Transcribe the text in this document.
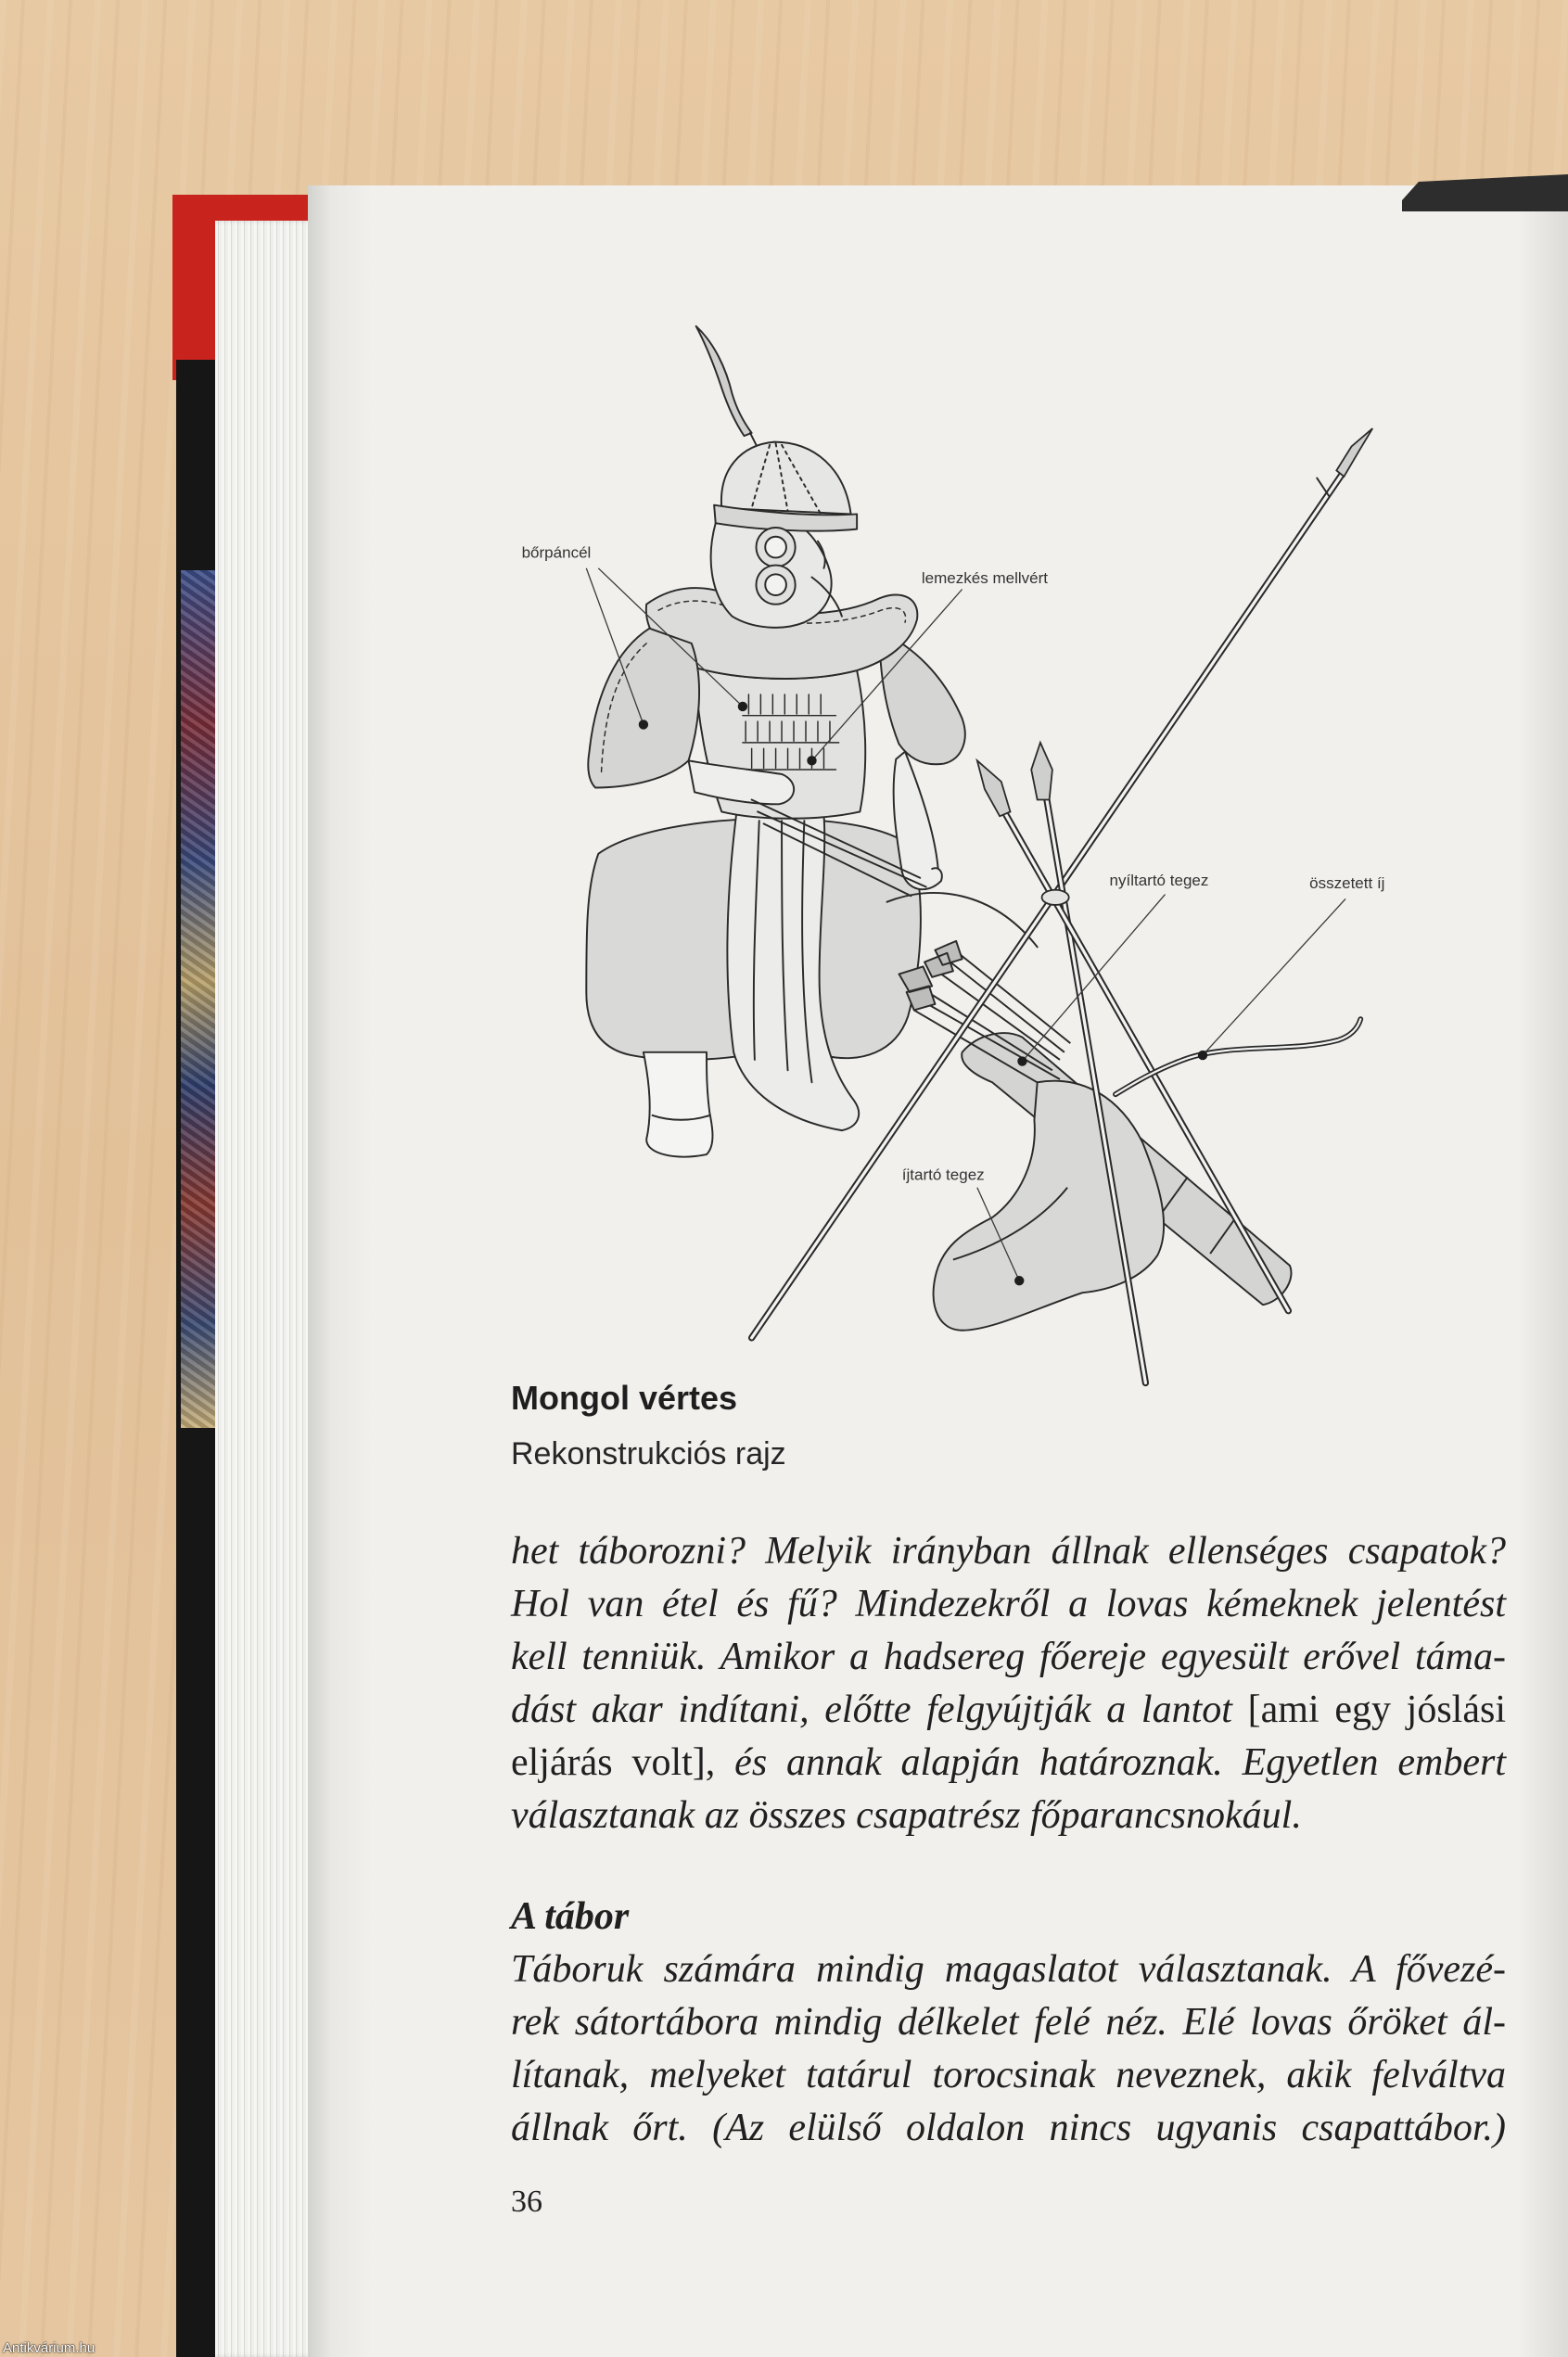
bőrpáncél
lemezkés mellvért
nyíltartó tegez	összetett íj
íjtartó tegez
Mongol vértes
Rekonstrukciós rajz
het táborozni? Melyik irányban állnak ellenséges csapatok?
Hol van étel és fű? Mindezekről a lovas kémeknek jelentést
kell tenniük. Amikor a hadsereg főereje egyesült erővel táma-
dást akar indítani, előtte felgyújtják a lantot [ami egy jóslási
eljárás volt], és annak alapján határoznak. Egyetlen embert
választanak az összes csapatrész főparancsnokául.
A tábor
Táboruk számára mindig magaslatot választanak. A fővezé-
rek sátortábora mindig délkelet felé néz. Elé lovas őröket ál-
lítanak, melyeket tatárul torocsinak neveznek, akik felváltva
állnak őrt. (Az elülső oldalon nincs ugyanis csapattábor.)
36
Antikvárium.hu
